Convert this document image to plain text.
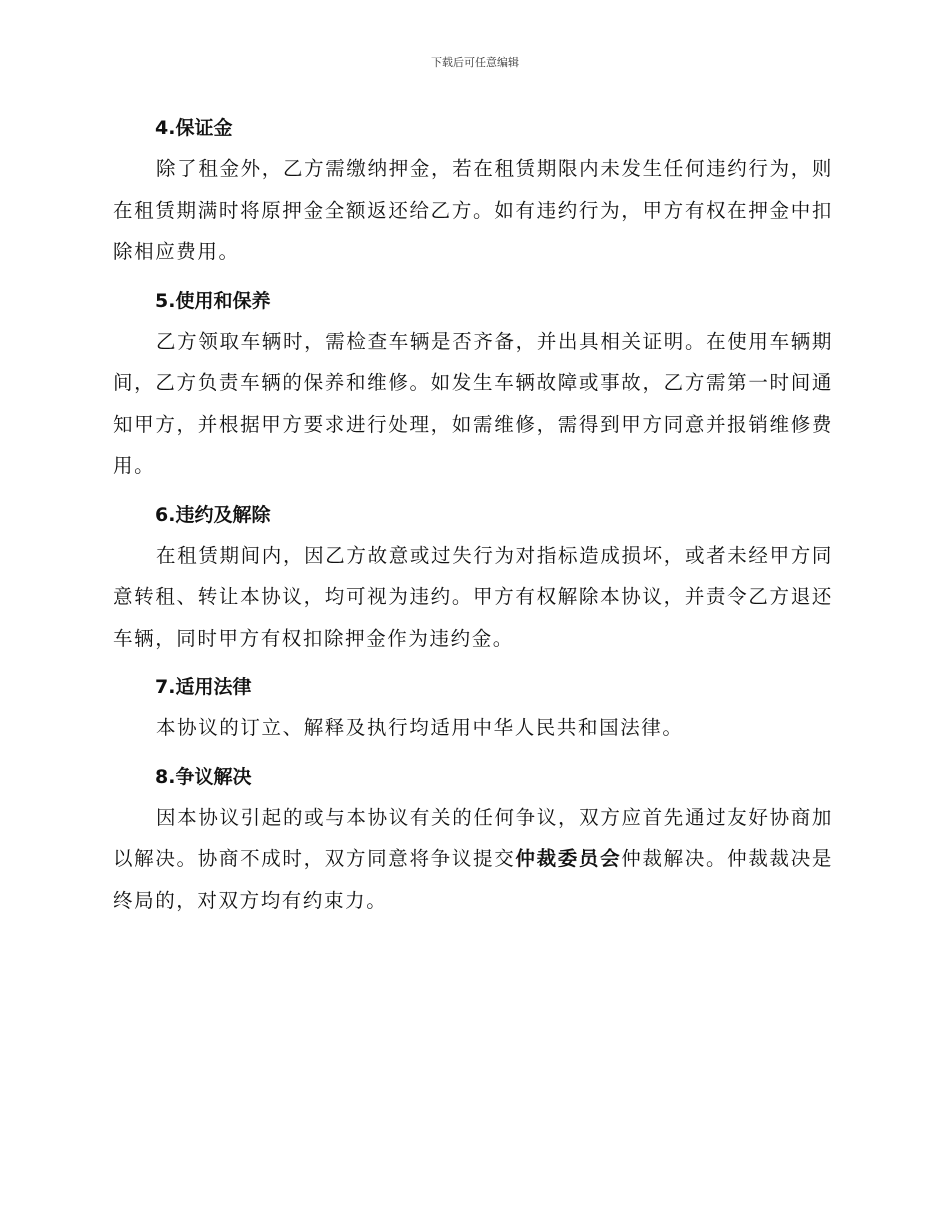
下载后可任意编辑
4.保证金

除了租金外，乙方需缴纳押金，若在租赁期限内未发生任何违约行为，则在租赁期满时将原押金全额返还给乙方。如有违约行为，甲方有权在押金中扣除相应费用。

5.使用和保养

乙方领取车辆时，需检查车辆是否齐备，并出具相关证明。在使用车辆期间，乙方负责车辆的保养和维修。如发生车辆故障或事故，乙方需第一时间通知甲方，并根据甲方要求进行处理，如需维修，需得到甲方同意并报销维修费用。

6.违约及解除

在租赁期间内，因乙方故意或过失行为对指标造成损坏，或者未经甲方同意转租、转让本协议，均可视为违约。甲方有权解除本协议，并责令乙方退还车辆，同时甲方有权扣除押金作为违约金。

7.适用法律

本协议的订立、解释及执行均适用中华人民共和国法律。

8.争议解决

因本协议引起的或与本协议有关的任何争议，双方应首先通过友好协商加以解决。协商不成时，双方同意将争议提交仲裁委员会仲裁解决。仲裁裁决是终局的，对双方均有约束力。
